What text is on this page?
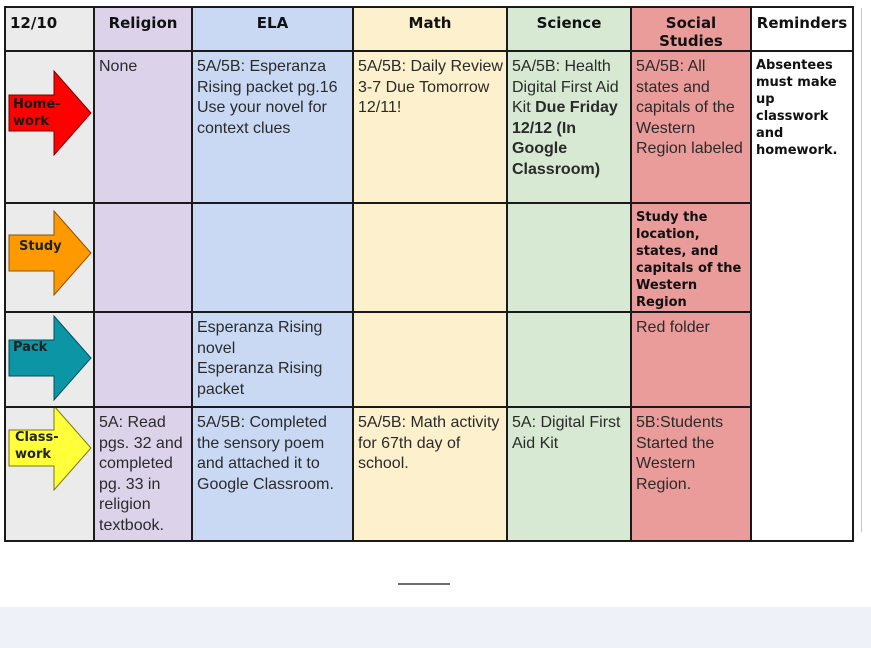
12/10	Religion	ELA	Math	Science	Social Studies	Reminders

Home-
work	None	5A/5B: Esperanza Rising packet pg.16 Use your novel for context clues	5A/5B: Daily Review 3-7 Due Tomorrow 12/11!	5A/5B: Health Digital First Aid Kit Due Friday 12/12 (In Google Classroom)	5A/5B: All states and capitals of the Western Region labeled	Absentees must make up classwork and homework.

Study					Study the location, states, and capitals of the Western Region	

Pack		Esperanza Rising novel
Esperanza Rising packet			Red folder	

Class-
work	5A: Read pgs. 32 and completed pg. 33 in religion textbook.	5A/5B: Completed the sensory poem and attached it to Google Classroom.	5A/5B: Math activity for 67th day of school.	5A: Digital First Aid Kit	5B:Students Started the Western Region.	
